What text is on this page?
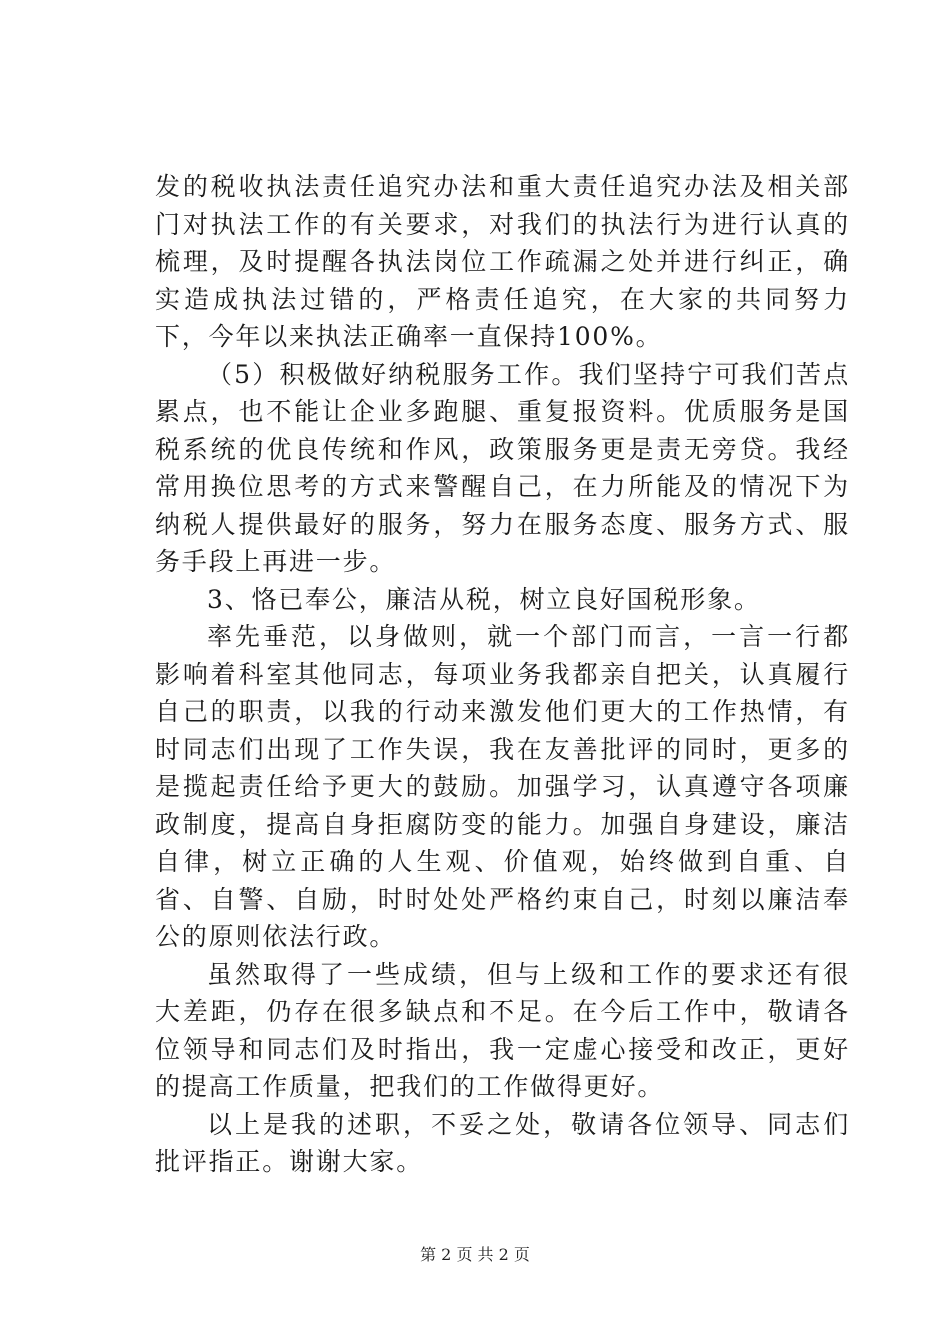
发的税收执法责任追究办法和重大责任追究办法及相关部门对执法工作的有关要求，对我们的执法行为进行认真的梳理，及时提醒各执法岗位工作疏漏之处并进行纠正，确实造成执法过错的，严格责任追究，在大家的共同努力下，今年以来执法正确率一直保持100%。

（5）积极做好纳税服务工作。我们坚持宁可我们苦点累点，也不能让企业多跑腿、重复报资料。优质服务是国税系统的优良传统和作风，政策服务更是责无旁贷。我经常用换位思考的方式来警醒自己，在力所能及的情况下为纳税人提供最好的服务，努力在服务态度、服务方式、服务手段上再进一步。

3、恪已奉公，廉洁从税，树立良好国税形象。

率先垂范，以身做则，就一个部门而言，一言一行都影响着科室其他同志，每项业务我都亲自把关，认真履行自己的职责，以我的行动来激发他们更大的工作热情，有时同志们出现了工作失误，我在友善批评的同时，更多的是揽起责任给予更大的鼓励。加强学习，认真遵守各项廉政制度，提高自身拒腐防变的能力。加强自身建设，廉洁自律，树立正确的人生观、价值观，始终做到自重、自省、自警、自励，时时处处严格约束自己，时刻以廉洁奉公的原则依法行政。

虽然取得了一些成绩，但与上级和工作的要求还有很大差距，仍存在很多缺点和不足。在今后工作中，敬请各位领导和同志们及时指出，我一定虚心接受和改正，更好的提高工作质量，把我们的工作做得更好。

以上是我的述职，不妥之处，敬请各位领导、同志们批评指正。谢谢大家。

第 2 页 共 2 页
